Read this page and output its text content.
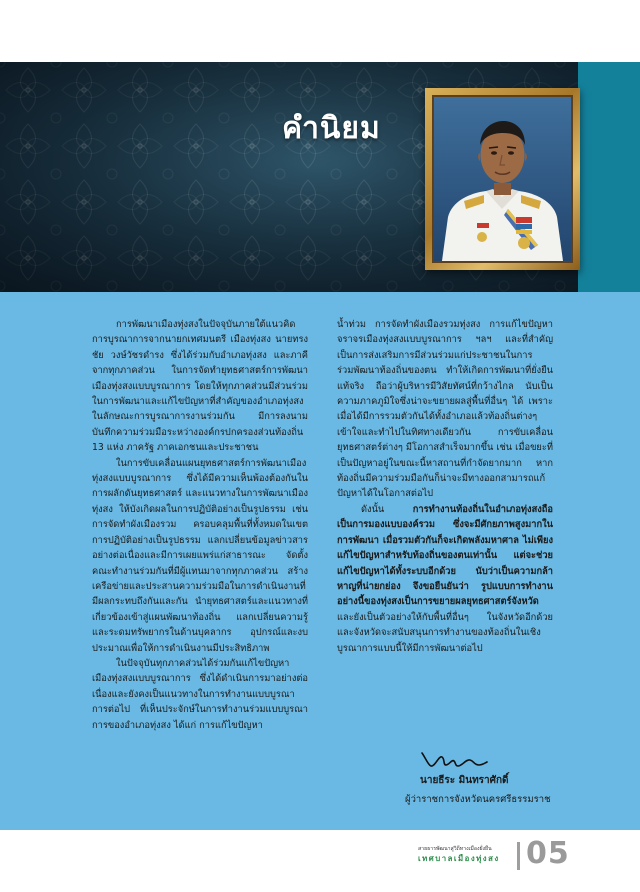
คำนิยม

การพัฒนาเมืองทุ่งสงในปัจจุบันภายใต้แนวคิด การบูรณาการจากนายกเทศมนตรี เมืองทุ่งสง นายทรงชัย วงษ์วัชรดำรง ซึ่งได้ร่วมกับอำเภอทุ่งสง และภาคีจากทุกภาคส่วน ในการจัดทำยุทธศาสตร์การพัฒนาเมืองทุ่งสงแบบบูรณาการ โดยให้ทุกภาคส่วนมีส่วนร่วมในการพัฒนาและแก้ไขปัญหาที่สำคัญของอำเภอทุ่งสง ในลักษณะการบูรณาการงานร่วมกัน มีการลงนามบันทึกความร่วมมือระหว่างองค์กรปกครองส่วนท้องถิ่น 13 แห่ง ภาครัฐ ภาคเอกชนและประชาชน

ในการขับเคลื่อนแผนยุทธศาสตร์การพัฒนาเมืองทุ่งสงแบบบูรณาการ ซึ่งได้มีความเห็นพ้องต้องกันในการผลักดันยุทธศาสตร์ และแนวทางในการพัฒนาเมืองทุ่งสง ให้บังเกิดผลในการปฏิบัติอย่างเป็นรูปธรรม เช่น การจัดทำผังเมืองรวม ครอบคลุมพื้นที่ทั้งหมดในเขตการปฏิบัติอย่างเป็นรูปธรรม แลกเปลี่ยนข้อมูลข่าวสารอย่างต่อเนื่องและมีการเผยแพร่แก่สาธารณะ จัดตั้งคณะทำงานร่วมกันที่มีผู้แทนมาจากทุกภาคส่วน สร้างเครือข่ายและประสานความร่วมมือในการดำเนินงานที่มีผลกระทบถึงกันและกัน นำยุทธศาสตร์และแนวทางที่เกี่ยวข้องเข้าสู่แผนพัฒนาท้องถิ่น แลกเปลี่ยนความรู้และระดมทรัพยากรในด้านบุคลากร อุปกรณ์และงบประมาณเพื่อให้การดำเนินงานมีประสิทธิภาพ

ในปัจจุบันทุกภาคส่วนได้ร่วมกันแก้ไขปัญหาเมืองทุ่งสงแบบบูรณาการ ซึ่งได้ดำเนินการมาอย่างต่อเนื่องและยังคงเป็นแนวทางในการทำงานแบบบูรณาการต่อไป ที่เห็นประจักษ์ในการทำงานร่วมแบบบูรณาการของอำเภอทุ่งสง ได้แก่ การแก้ไขปัญหา

น้ำท่วม การจัดทำผังเมืองรวมทุ่งสง การแก้ไขปัญหาจราจรเมืองทุ่งสงแบบบูรณาการ ฯลฯ และที่สำคัญเป็นการส่งเสริมการมีส่วนร่วมแก่ประชาชนในการร่วมพัฒนาท้องถิ่นของตน ทำให้เกิดการพัฒนาที่ยั่งยืนแท้จริง ถือว่าผู้บริหารมีวิสัยทัศน์ที่กว้างไกล นับเป็นความภาคภูมิใจซึ่งน่าจะขยายผลสู่พื้นที่อื่นๆ ได้ เพราะเมื่อได้มีการรวมตัวกันได้ทั้งอำเภอแล้วท้องถิ่นต่างๆ เข้าใจและทำไปในทิศทางเดียวกัน การขับเคลื่อนยุทธศาสตร์ต่างๆ มีโอกาสสำเร็จมากขึ้น เช่น เมื่อขยะที่เป็นปัญหาอยู่ในขณะนี้หาสถานที่กำจัดยากมาก หากท้องถิ่นมีความร่วมมือกันก็น่าจะมีทางออกสามารถแก้ปัญหาได้ในโอกาสต่อไป

ดังนั้น	การทำงานท้องถิ่นในอำเภอทุ่งสงถือเป็นการมองแบบองค์รวม ซึ่งจะมีศักยภาพสูงมากในการพัฒนา เมื่อรวมตัวกันก็จะเกิดพลังมหาศาล ไม่เพียงแก้ไขปัญหาสำหรับท้องถิ่นของตนเท่านั้น แต่จะช่วยแก้ไขปัญหาได้ทั้งระบบอีกด้วย นับว่าเป็นความกล้าหาญที่น่ายกย่อง จึงขอยืนยันว่า รูปแบบการทำงานอย่างนี้ของทุ่งสงเป็นการขยายผลยุทธศาสตร์จังหวัด และยังเป็นตัวอย่างให้กับพื้นที่อื่นๆ ในจังหวัดอีกด้วย และจังหวัดจะสนับสนุนการทำงานของท้องถิ่นในเชิงบูรณาการแบบนี้ให้มีการพัฒนาต่อไป

นายธีระ มินทราศักดิ์
ผู้ว่าราชการจังหวัดนครศรีธรรมราช
สายธารพัฒนาสู่วิถีทางเมืองยั่งยืน
เทศบาลเมืองทุ่งสง 05
